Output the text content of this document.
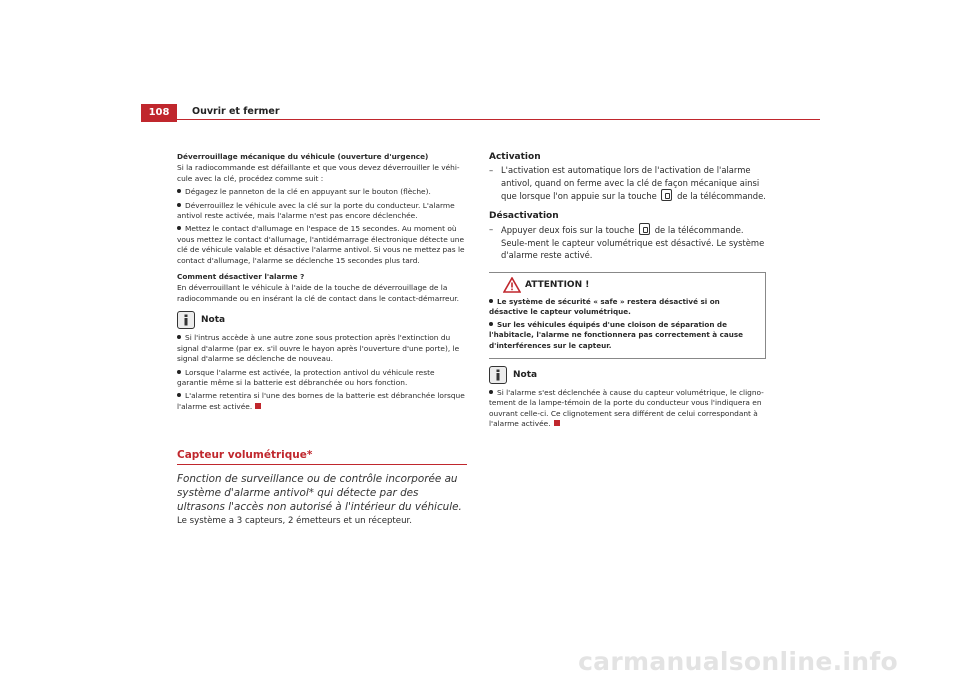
108	Ouvrir et fermer
Déverrouillage mécanique du véhicule (ouverture d'urgence)
Si la radiocommande est défaillante et que vous devez déverrouiller le véhi-cule avec la clé, procédez comme suit :
Dégagez le panneton de la clé en appuyant sur le bouton (flèche).
Déverrouillez le véhicule avec la clé sur la porte du conducteur. L'alarme antivol reste activée, mais l'alarme n'est pas encore déclenchée.
Mettez le contact d'allumage en l'espace de 15 secondes. Au moment où vous mettez le contact d'allumage, l'antidémarrage électronique détecte une clé de véhicule valable et désactive l'alarme antivol. Si vous ne mettez pas le contact d'allumage, l'alarme se déclenche 15 secondes plus tard.
Comment désactiver l'alarme ?
En déverrouillant le véhicule à l'aide de la touche de déverrouillage de la radiocommande ou en insérant la clé de contact dans le contact-démarreur.
Nota
Si l'intrus accède à une autre zone sous protection après l'extinction du signal d'alarme (par ex. s'il ouvre le hayon après l'ouverture d'une porte), le signal d'alarme se déclenche de nouveau.
Lorsque l'alarme est activée, la protection antivol du véhicule reste garantie même si la batterie est débranchée ou hors fonction.
L'alarme retentira si l'une des bornes de la batterie est débranchée lorsque l'alarme est activée.
Capteur volumétrique*
Fonction de surveillance ou de contrôle incorporée au système d'alarme antivol* qui détecte par des ultrasons l'accès non autorisé à l'intérieur du véhicule.
Le système a 3 capteurs, 2 émetteurs et un récepteur.
Activation
– L'activation est automatique lors de l'activation de l'alarme antivol, quand on ferme avec la clé de façon mécanique ainsi que lorsque l'on appuie sur la touche de la télécommande.
Désactivation
– Appuyer deux fois sur la touche de la télécommande. Seule-ment le capteur volumétrique est désactivé. Le système d'alarme reste activé.
ATTENTION !
Le système de sécurité « safe » restera désactivé si on désactive le capteur volumétrique.
Sur les véhicules équipés d'une cloison de séparation de l'habitacle, l'alarme ne fonctionnera pas correctement à cause d'interférences sur le capteur.
Nota
Si l'alarme s'est déclenchée à cause du capteur volumétrique, le cligno-tement de la lampe-témoin de la porte du conducteur vous l'indiquera en ouvrant celle-ci. Ce clignotement sera différent de celui correspondant à l'alarme activée.
carmanualsonline.info
